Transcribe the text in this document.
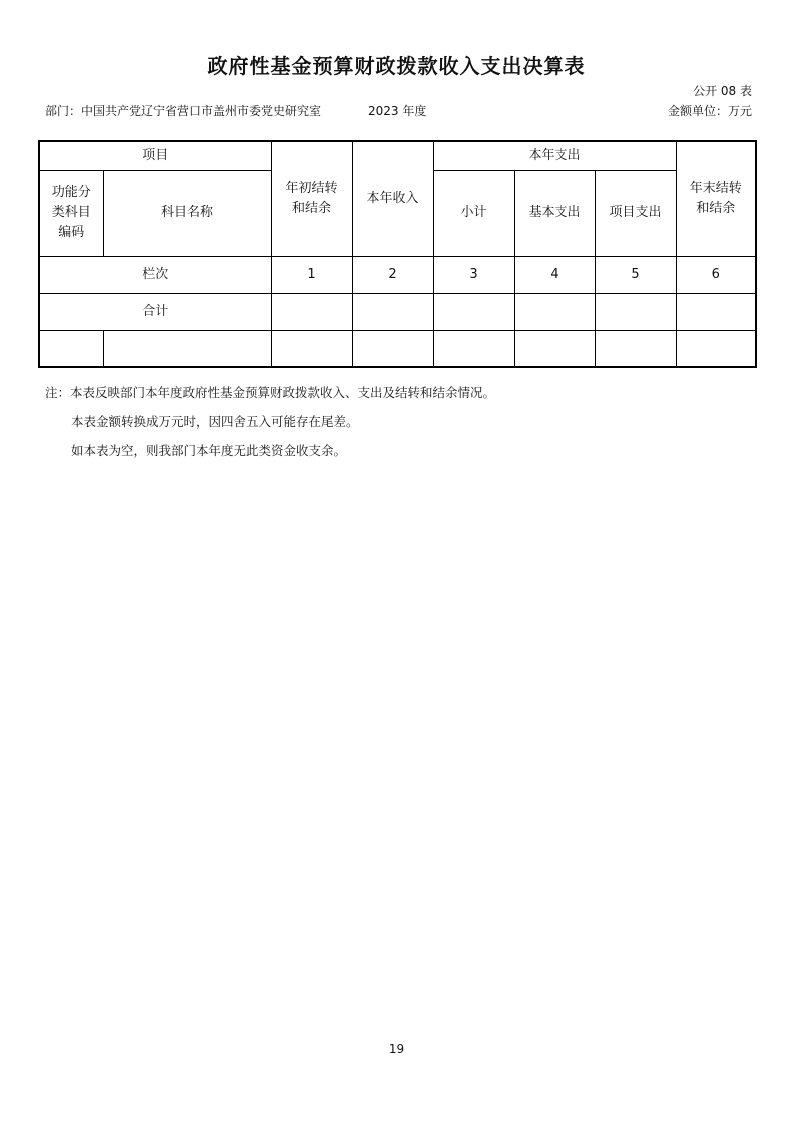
政府性基金预算财政拨款收入支出决算表
公开 08 表
部门：中国共产党辽宁省营口市盖州市委党史研究室	2023 年度	金额单位：万元
项目		年初结转和结余	本年收入	本年支出			年末结转和结余
功能分类科目编码	科目名称			小计	基本支出	项目支出	
栏次		1	2	3	4	5	6
合计							

注：本表反映部门本年度政府性基金预算财政拨款收入、支出及结转和结余情况。
本表金额转换成万元时，因四舍五入可能存在尾差。
如本表为空，则我部门本年度无此类资金收支余。
19
